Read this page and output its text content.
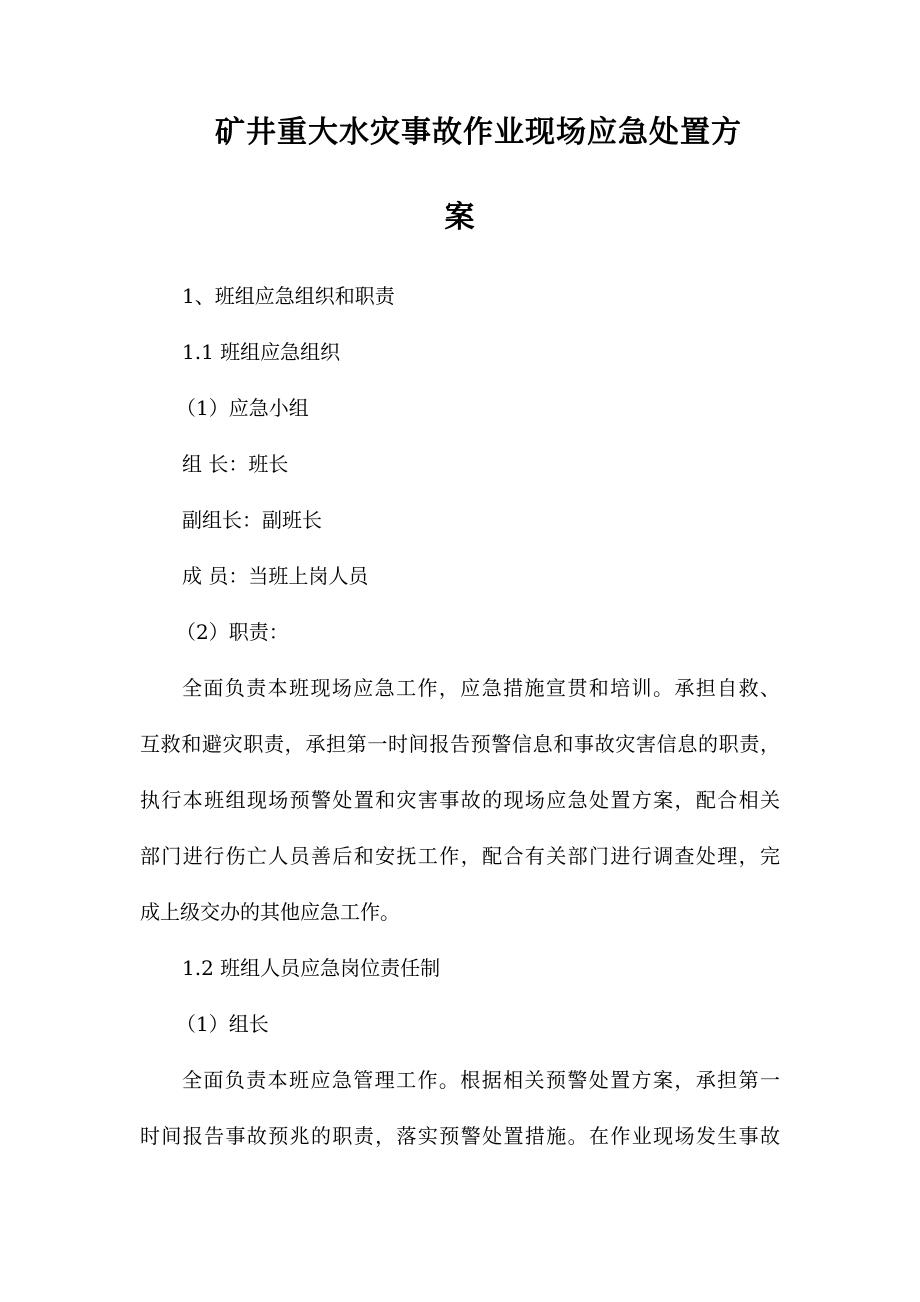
矿井重大水灾事故作业现场应急处置方
案

1、班组应急组织和职责

1.1 班组应急组织

（1）应急小组

组 长：班长

副组长：副班长

成 员：当班上岗人员

（2）职责：

全面负责本班现场应急工作，应急措施宣贯和培训。承担自救、

互救和避灾职责，承担第一时间报告预警信息和事故灾害信息的职责，

执行本班组现场预警处置和灾害事故的现场应急处置方案，配合相关

部门进行伤亡人员善后和安抚工作，配合有关部门进行调查处理，完

成上级交办的其他应急工作。

1.2 班组人员应急岗位责任制

（1）组长

全面负责本班应急管理工作。根据相关预警处置方案，承担第一

时间报告事故预兆的职责，落实预警处置措施。在作业现场发生事故
